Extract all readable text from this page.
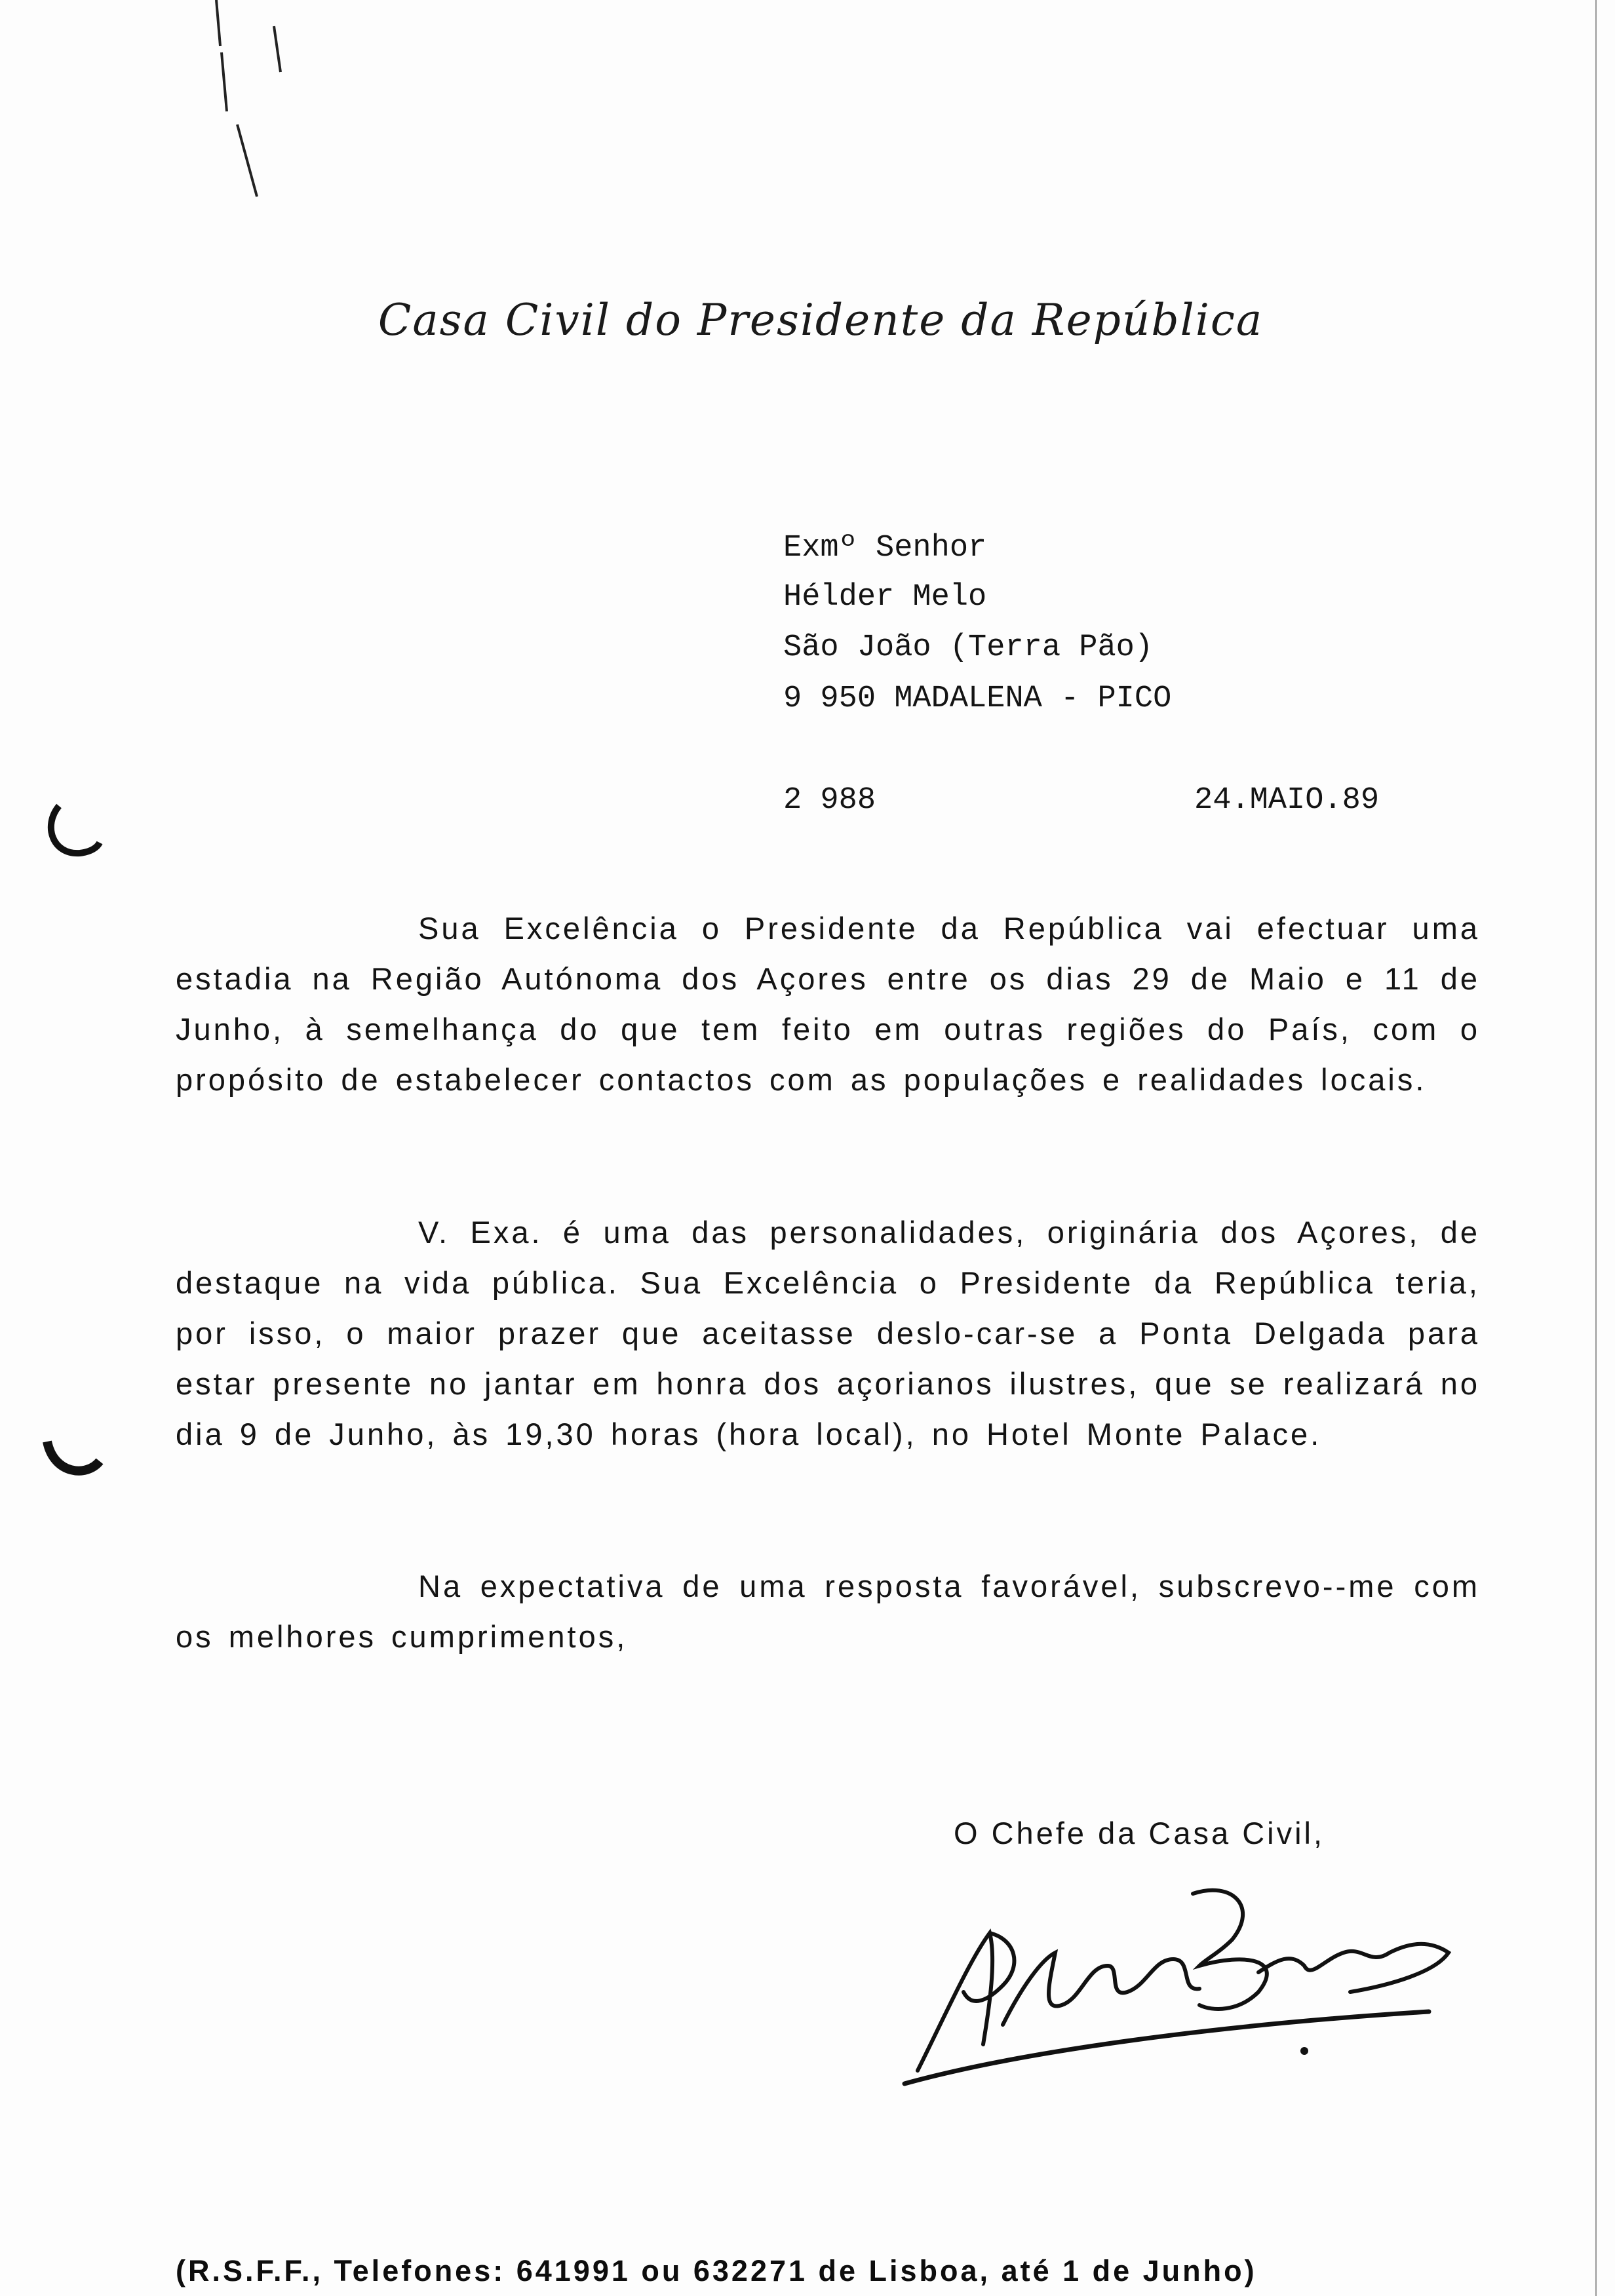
Casa Civil do Presidente da República
Exmº Senhor
Hélder Melo
São João (Terra Pão)
9 950 MADALENA - PICO
2 988	24.MAIO.89
Sua Excelência o Presidente da República vai efectuar uma estadia na Região Autónoma dos Açores entre os dias 29 de Maio e 11 de Junho, à semelhança do que tem feito em outras regiões do País, com o propósito de estabelecer contactos com as populações e realidades locais.
V. Exa. é uma das personalidades, originária dos Açores, de destaque na vida pública. Sua Excelência o Presidente da República teria, por isso, o maior prazer que aceitasse deslo-car-se a Ponta Delgada para estar presente no jantar em honra dos açorianos ilustres, que se realizará no dia 9 de Junho, às 19,30 horas (hora local), no Hotel Monte Palace.
Na expectativa de uma resposta favorável, subscrevo--me com os melhores cumprimentos,
O Chefe da Casa Civil,
(R.S.F.F., Telefones: 641991 ou 632271 de Lisboa, até 1 de Junho)
